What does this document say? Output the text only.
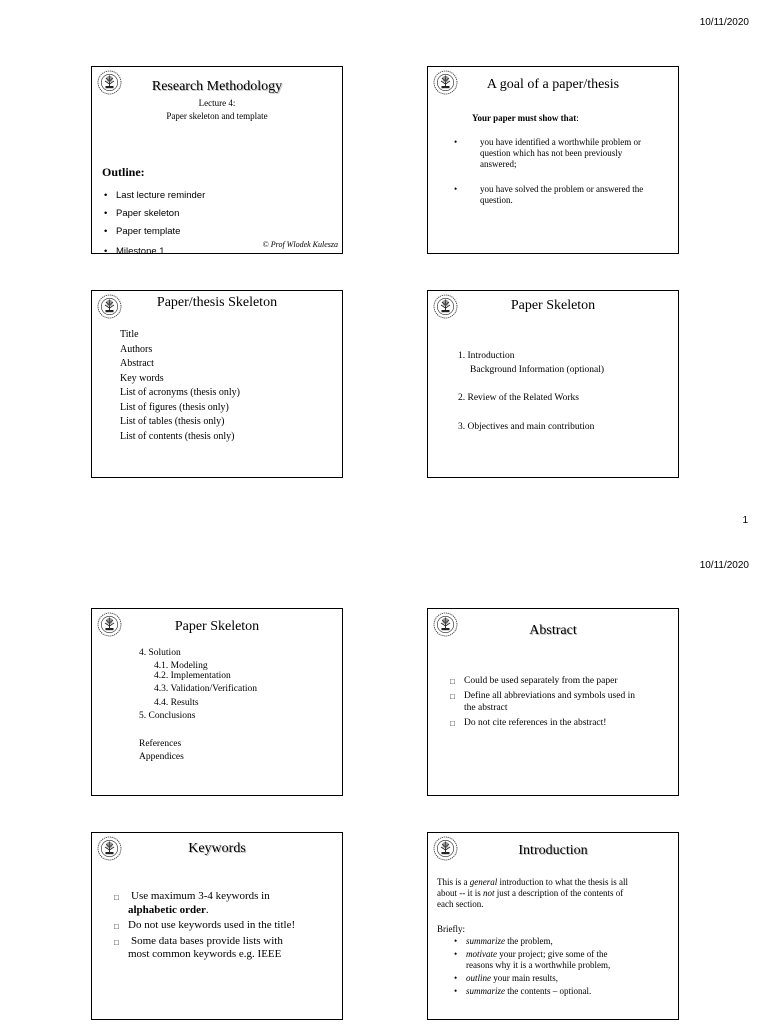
10/11/2020
Research Methodology
Lecture 4:
Paper skeleton and template
Outline:
• Last lecture reminder
• Paper skeleton
• Paper template
• Milestone 1
© Prof Wlodek Kulesza
A goal of a paper/thesis
Your paper must show that:
•	you have identified a worthwhile problem or
question which has not been previously
answered;
•	you have solved the problem or answered the
question.
Paper/thesis Skeleton
Title
Authors
Abstract
Key words
List of acronyms (thesis only)
List of figures (thesis only)
List of tables (thesis only)
List of contents (thesis only)
Paper Skeleton
1. Introduction
Background Information (optional)
2. Review of the Related Works
3. Objectives and main contribution
1
10/11/2020
Paper Skeleton
4. Solution
4.1. Modeling
4.2. Implementation
4.3. Validation/Verification
4.4. Results
5. Conclusions
References
Appendices
Abstract
□ Could be used separately from the paper
□ Define all abbreviations and symbols used in
the abstract
□ Do not cite references in the abstract!
Keywords
□ Use maximum 3-4 keywords in
alphabetic order.
□ Do not use keywords used in the title!
□ Some data bases provide lists with
most common keywords e.g. IEEE
Introduction
This is a general introduction to what the thesis is all
about -- it is not just a description of the contents of
each section.
Briefly:
• summarize the problem,
• motivate your project; give some of the
reasons why it is a worthwhile problem,
• outline your main results,
• summarize the contents – optional.
